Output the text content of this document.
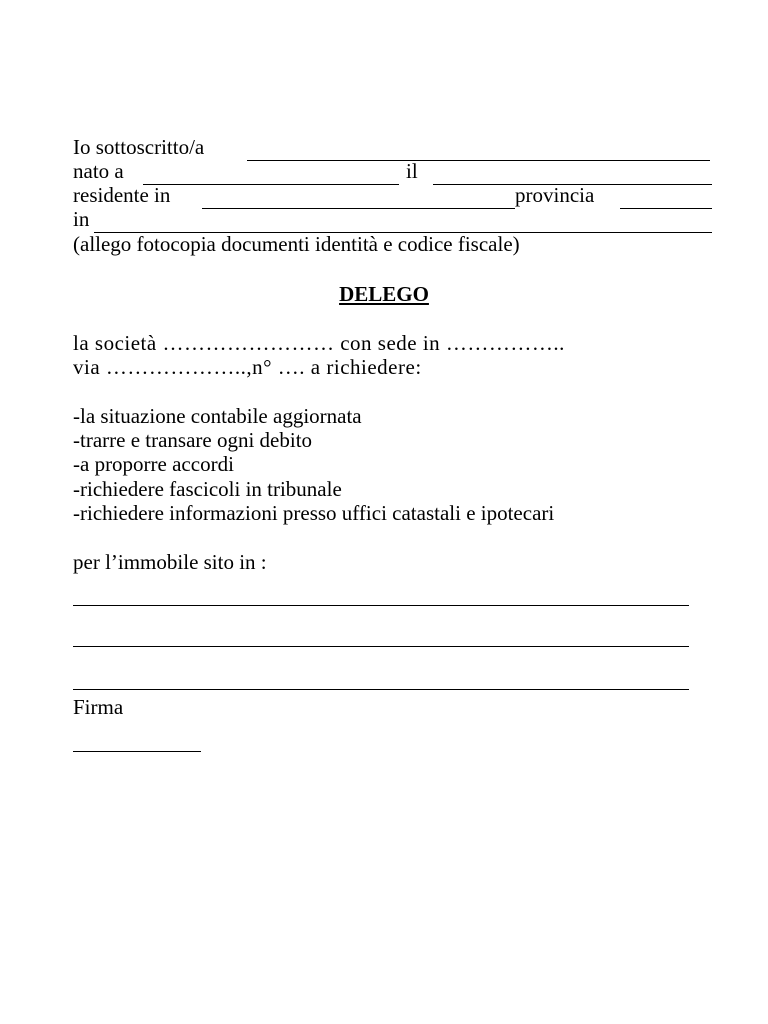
Io sottoscritto/a
nato a	il
residente in	provincia
in
(allego fotocopia documenti identità e codice fiscale)
DELEGO
la società …………………… con sede in ……………..
via ………………..,n° …. a richiedere:
-la situazione contabile aggiornata
-trarre e transare ogni debito
-a proporre accordi
-richiedere fascicoli in tribunale
-richiedere informazioni presso uffici catastali e ipotecari
per l’immobile sito in :
Firma
